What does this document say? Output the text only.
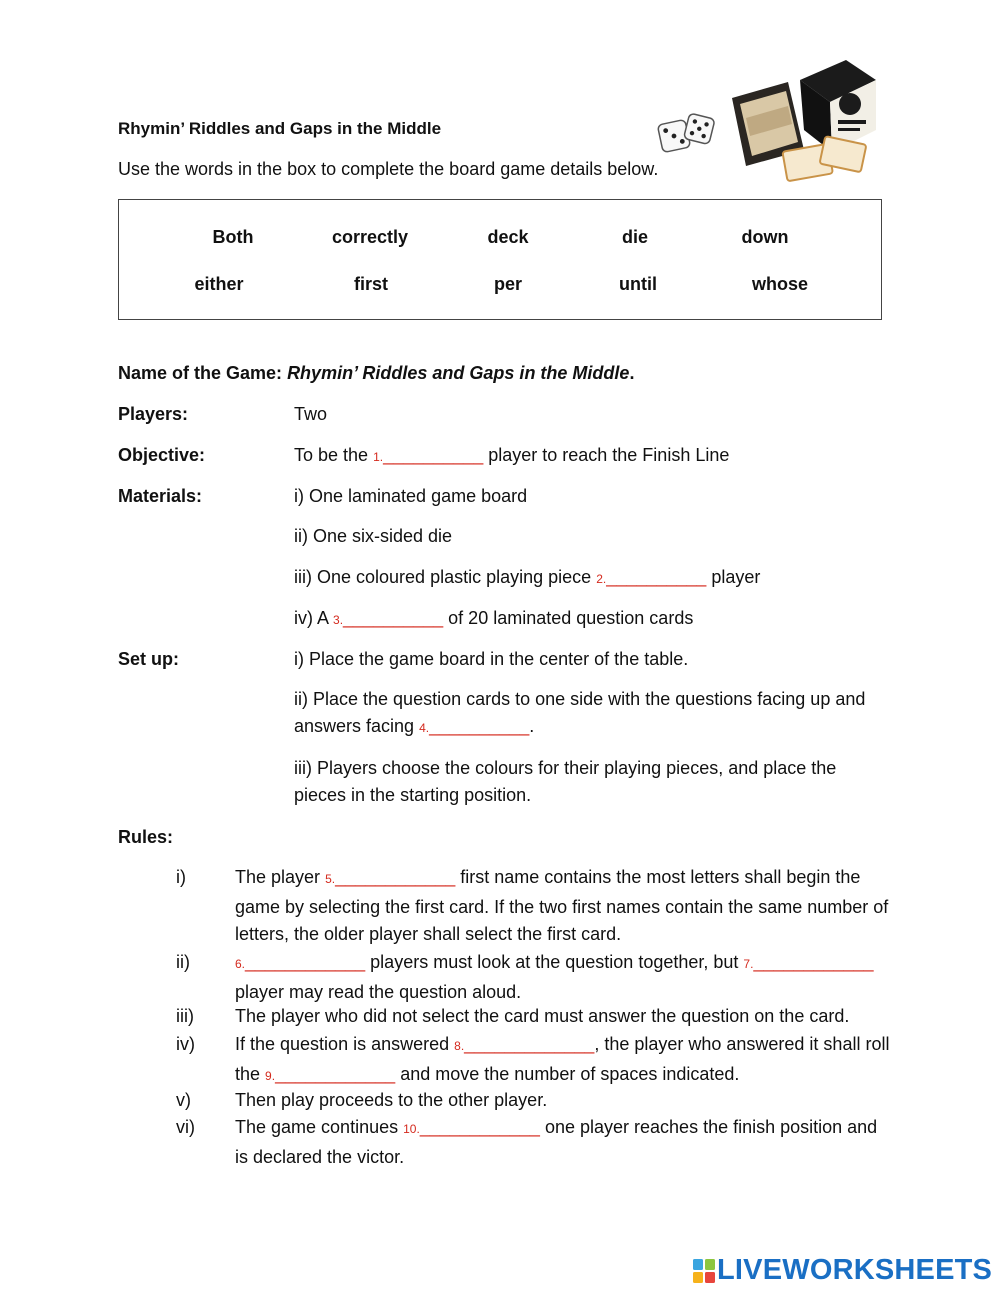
Rhymin’ Riddles and Gaps in the Middle
Use the words in the box to complete the board game details below.
Both	correctly	deck	die	down
either	first	per	until	whose
Name of the Game: Rhymin’ Riddles and Gaps in the Middle.
Players:	Two
Objective:	To be the 1.__________ player to reach the Finish Line
Materials:	i) One laminated game board
ii) One six-sided die
iii) One coloured plastic playing piece 2.__________ player
iv) A 3.__________ of 20 laminated question cards
Set up:	i) Place the game board in the center of the table.
ii) Place the question cards to one side with the questions facing up and answers facing 4.__________.
iii) Players choose the colours for their playing pieces, and place the pieces in the starting position.
Rules:
i)	The player 5.____________ first name contains the most letters shall begin the game by selecting the first card. If the two first names contain the same number of letters, the older player shall select the first card.
ii)	6.____________ players must look at the question together, but 7.____________ player may read the question aloud.
iii) The player who did not select the card must answer the question on the card.
iv) If the question is answered 8._____________, the player who answered it shall roll the 9.____________ and move the number of spaces indicated.
v) Then play proceeds to the other player.
vi) The game continues 10.____________ one player reaches the finish position and is declared the victor.
LIVEWORKSHEETS
